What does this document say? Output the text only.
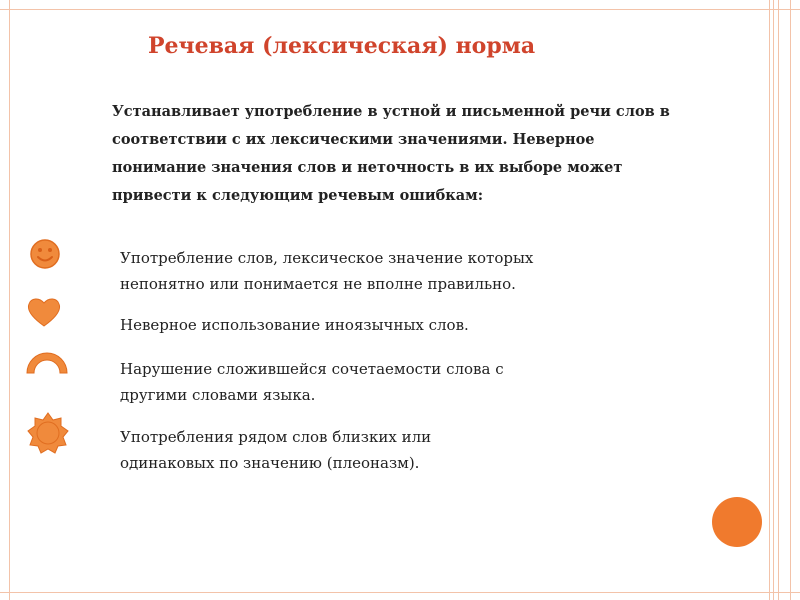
Речевая (лексическая) норма
Устанавливает употребление в устной и письменной речи слов в
соответствии с их лексическими значениями. Неверное
понимание значения слов и неточность в их выборе может
привести к следующим речевым ошибкам:
Употребление слов, лексическое значение которых
непонятно или понимается не вполне правильно.
Неверное использование иноязычных слов.
Нарушение сложившейся сочетаемости слова с
другими словами языка.
Употребления рядом слов близких или
одинаковых по значению (плеоназм).
